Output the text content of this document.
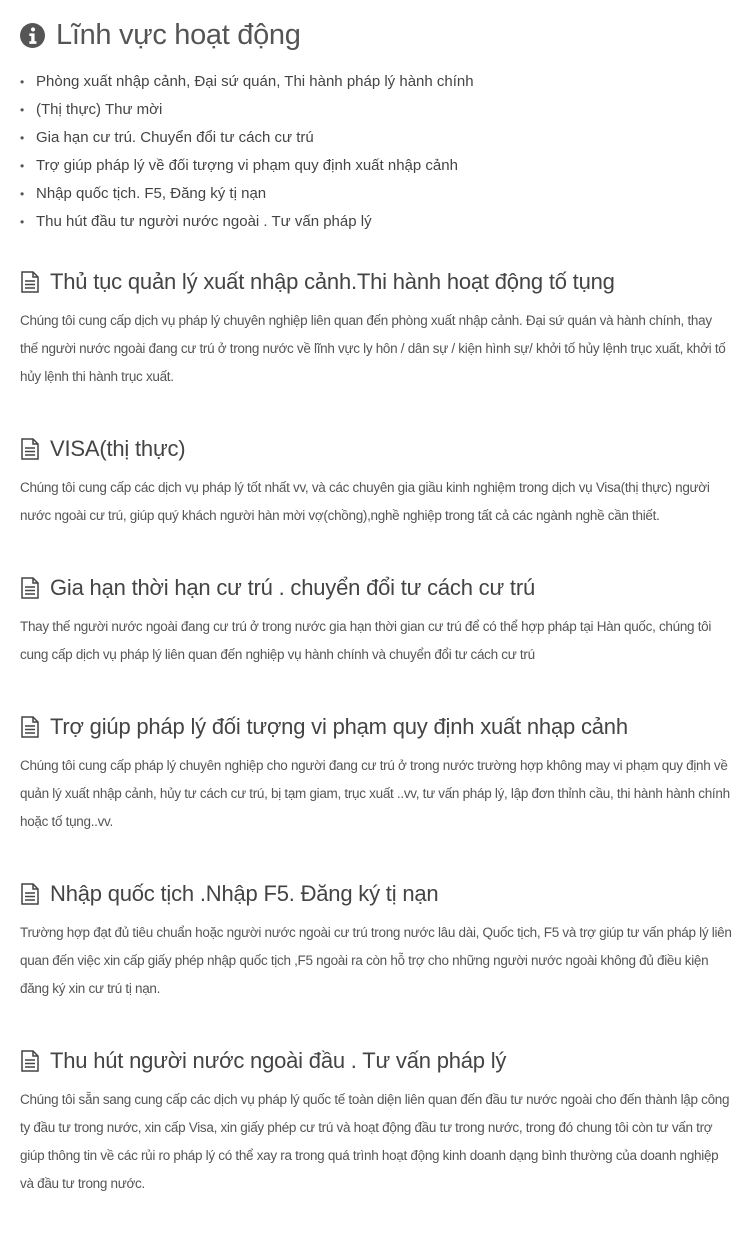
Lĩnh vực hoạt động
• Phòng xuất nhập cảnh, Đại sứ quán, Thi hành pháp lý hành chính
• (Thị thực) Thư mời
• Gia hạn cư trú. Chuyển đổi tư cách cư trú
• Trợ giúp pháp lý về đối tượng vi phạm quy định xuất nhập cảnh
• Nhập quốc tịch. F5, Đăng ký tị nạn
• Thu hút đầu tư người nước ngoài . Tư vấn pháp lý
Thủ tục quản lý xuất nhập cảnh.Thi hành hoạt động tố tụng

Chúng tôi cung cấp dịch vụ pháp lý chuyên nghiệp liên quan đến phòng xuất nhập cảnh. Đại sứ quán và hành chính, thay thế người nước ngoài đang cư trú ở trong nước về lĩnh vực ly hôn / dân sự / kiện hình sự/ khởi tố hủy lệnh trục xuất, khởi tố hủy lệnh thi hành trục xuất.

VISA(thị thực)

Chúng tôi cung cấp các dịch vụ pháp lý tốt nhất vv, và các chuyên gia giầu kinh nghiệm trong dịch vụ Visa(thị thực) người nước ngoài cư trú, giúp quý khách người hàn mời vợ(chồng),nghề nghiệp trong tất cả các ngành nghề cần thiết.

Gia hạn thời hạn cư trú . chuyển đổi tư cách cư trú

Thay thế người nước ngoài đang cư trú ở trong nước gia hạn thời gian cư trú để có thể hợp pháp tại Hàn quốc, chúng tôi cung cấp dịch vụ pháp lý liên quan đến nghiệp vụ hành chính và chuyển đổi tư cách cư trú

Trợ giúp pháp lý đối tượng vi phạm quy định xuất nhạp cảnh

Chúng tôi cung cấp pháp lý chuyên nghiệp cho người đang cư trú ở trong nước trường hợp không may vi phạm quy định về quản lý xuất nhập cảnh, hủy tư cách cư trú, bị tạm giam, trục xuất ..vv, tư vấn pháp lý, lập đơn thỉnh cầu, thi hành hành chính hoặc tố tụng..vv.

Nhập quốc tịch .Nhập F5. Đăng ký tị nạn

Trường hợp đạt đủ tiêu chuẩn hoặc người nước ngoài cư trú trong nước lâu dài, Quốc tịch, F5 và trợ giúp tư vấn pháp lý liên quan đến việc xin cấp giấy phép nhập quốc tịch ,F5 ngoài ra còn hỗ trợ cho những người nước ngoài không đủ điều kiện đăng ký xin cư trú tị nạn.

Thu hút người nước ngoài đầu . Tư vấn pháp lý

Chúng tôi sẵn sang cung cấp các dịch vụ pháp lý quốc tế toàn diện liên quan đến đầu tư nước ngoài cho đến thành lập công ty đầu tư trong nước, xin cấp Visa, xin giấy phép cư trú và hoạt động đầu tư trong nước, trong đó chung tôi còn tư vấn trợ giúp thông tin về các rủi ro pháp lý có thể xay ra trong quá trình hoạt động kinh doanh dạng bình thường của doanh nghiệp và đầu tư trong nước.
